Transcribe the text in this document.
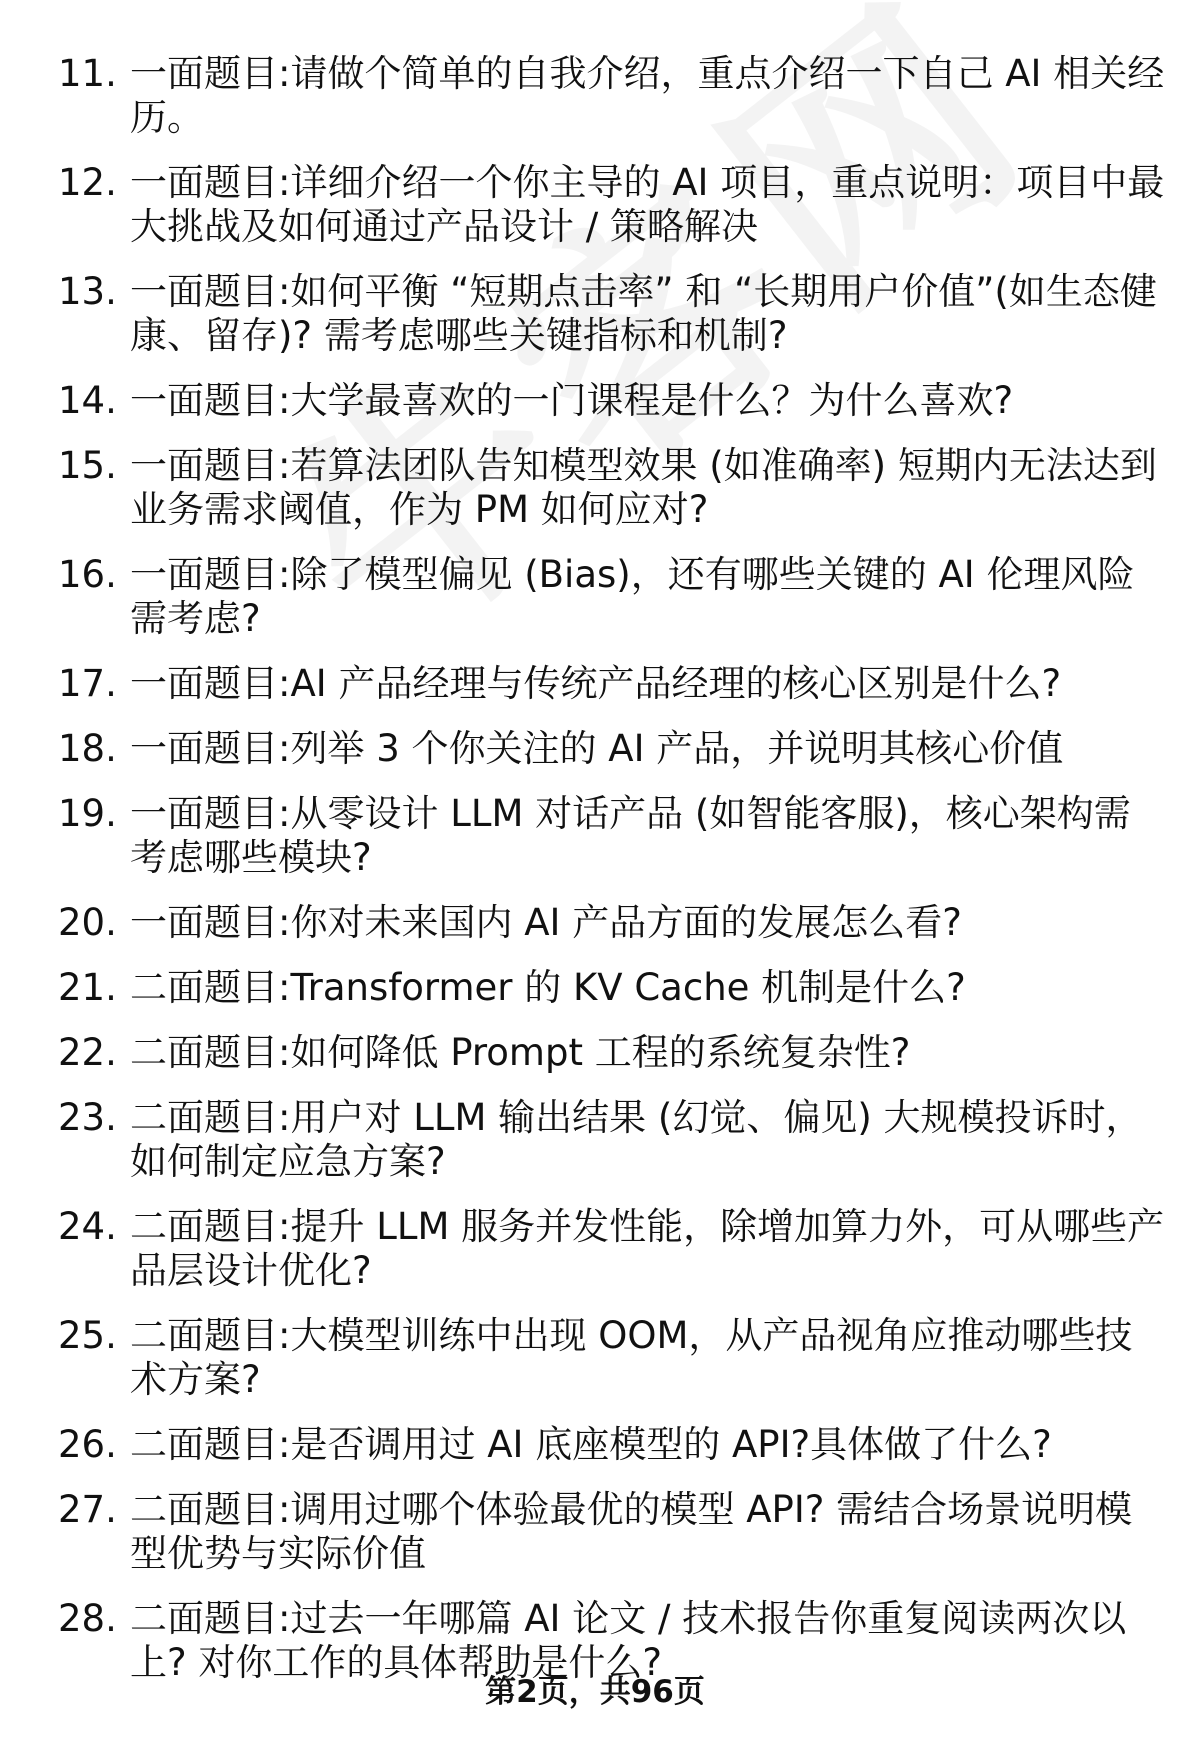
11. 一面题目:请做个简单的自我介绍，重点介绍一下自己 AI 相关经历。
12. 一面题目:详细介绍一个你主导的 AI 项目，重点说明：项目中最大挑战及如何通过产品设计 / 策略解决
13. 一面题目:如何平衡 “短期点击率” 和 “长期用户价值”(如生态健康、留存)? 需考虑哪些关键指标和机制?
14. 一面题目:大学最喜欢的一门课程是什么？为什么喜欢?
15. 一面题目:若算法团队告知模型效果 (如准确率) 短期内无法达到业务需求阈值，作为 PM 如何应对?
16. 一面题目:除了模型偏见 (Bias)，还有哪些关键的 AI 伦理风险需考虑?
17. 一面题目:AI 产品经理与传统产品经理的核心区别是什么?
18. 一面题目:列举 3 个你关注的 AI 产品，并说明其核心价值
19. 一面题目:从零设计 LLM 对话产品 (如智能客服)，核心架构需考虑哪些模块?
20. 一面题目:你对未来国内 AI 产品方面的发展怎么看?
21. 二面题目:Transformer 的 KV Cache 机制是什么?
22. 二面题目:如何降低 Prompt 工程的系统复杂性?
23. 二面题目:用户对 LLM 输出结果 (幻觉、偏见) 大规模投诉时，如何制定应急方案?
24. 二面题目:提升 LLM 服务并发性能，除增加算力外，可从哪些产品层设计优化?
25. 二面题目:大模型训练中出现 OOM，从产品视角应推动哪些技术方案?
26. 二面题目:是否调用过 AI 底座模型的 API?具体做了什么?
27. 二面题目:调用过哪个体验最优的模型 API? 需结合场景说明模型优势与实际价值
28. 二面题目:过去一年哪篇 AI 论文 / 技术报告你重复阅读两次以上? 对你工作的具体帮助是什么?
第2页，共96页
